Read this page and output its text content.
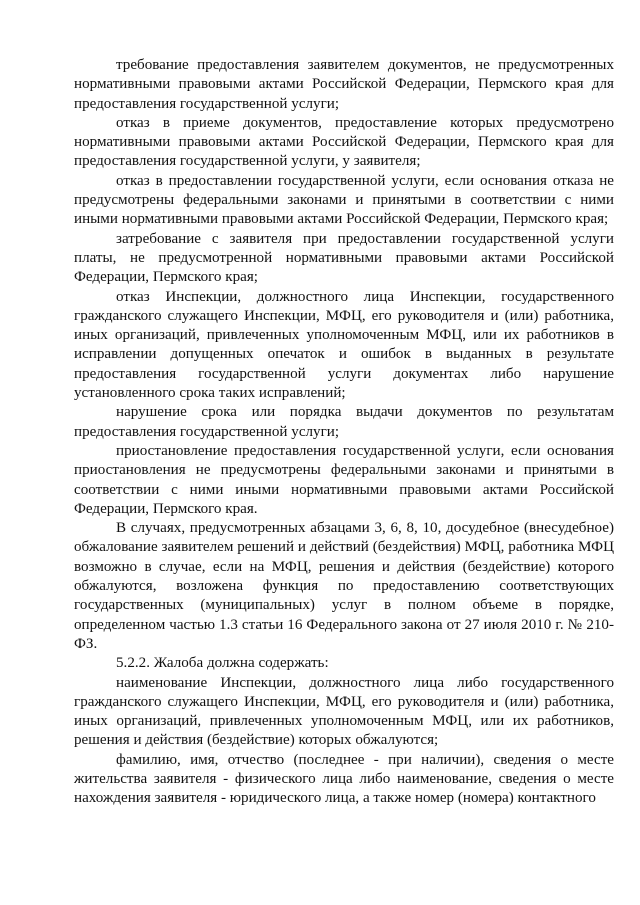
требование предоставления заявителем документов, не предусмотренных нормативными правовыми актами Российской Федерации, Пермского края для предоставления государственной услуги;

отказ в приеме документов, предоставление которых предусмотрено нормативными правовыми актами Российской Федерации, Пермского края для предоставления государственной услуги, у заявителя;

отказ в предоставлении государственной услуги, если основания отказа не предусмотрены федеральными законами и принятыми в соответствии с ними иными нормативными правовыми актами Российской Федерации, Пермского края;

затребование с заявителя при предоставлении государственной услуги платы, не предусмотренной нормативными правовыми актами Российской Федерации, Пермского края;

отказ Инспекции, должностного лица Инспекции, государственного гражданского служащего Инспекции, МФЦ, его руководителя и (или) работника, иных организаций, привлеченных уполномоченным МФЦ, или их работников в исправлении допущенных опечаток и ошибок в выданных в результате предоставления государственной услуги документах либо нарушение установленного срока таких исправлений;

нарушение срока или порядка выдачи документов по результатам предоставления государственной услуги;

приостановление предоставления государственной услуги, если основания приостановления не предусмотрены федеральными законами и принятыми в соответствии с ними иными нормативными правовыми актами Российской Федерации, Пермского края.

В случаях, предусмотренных абзацами 3, 6, 8, 10, досудебное (внесудебное) обжалование заявителем решений и действий (бездействия) МФЦ, работника МФЦ возможно в случае, если на МФЦ, решения и действия (бездействие) которого обжалуются, возложена функция по предоставлению соответствующих государственных (муниципальных) услуг в полном объеме в порядке, определенном частью 1.3 статьи 16 Федерального закона от 27 июля 2010 г. № 210-ФЗ.

5.2.2. Жалоба должна содержать:

наименование Инспекции, должностного лица либо государственного гражданского служащего Инспекции, МФЦ, его руководителя и (или) работника, иных организаций, привлеченных уполномоченным МФЦ, или их работников, решения и действия (бездействие) которых обжалуются;

фамилию, имя, отчество (последнее - при наличии), сведения о месте жительства заявителя - физического лица либо наименование, сведения о месте нахождения заявителя - юридического лица, а также номер (номера) контактного
